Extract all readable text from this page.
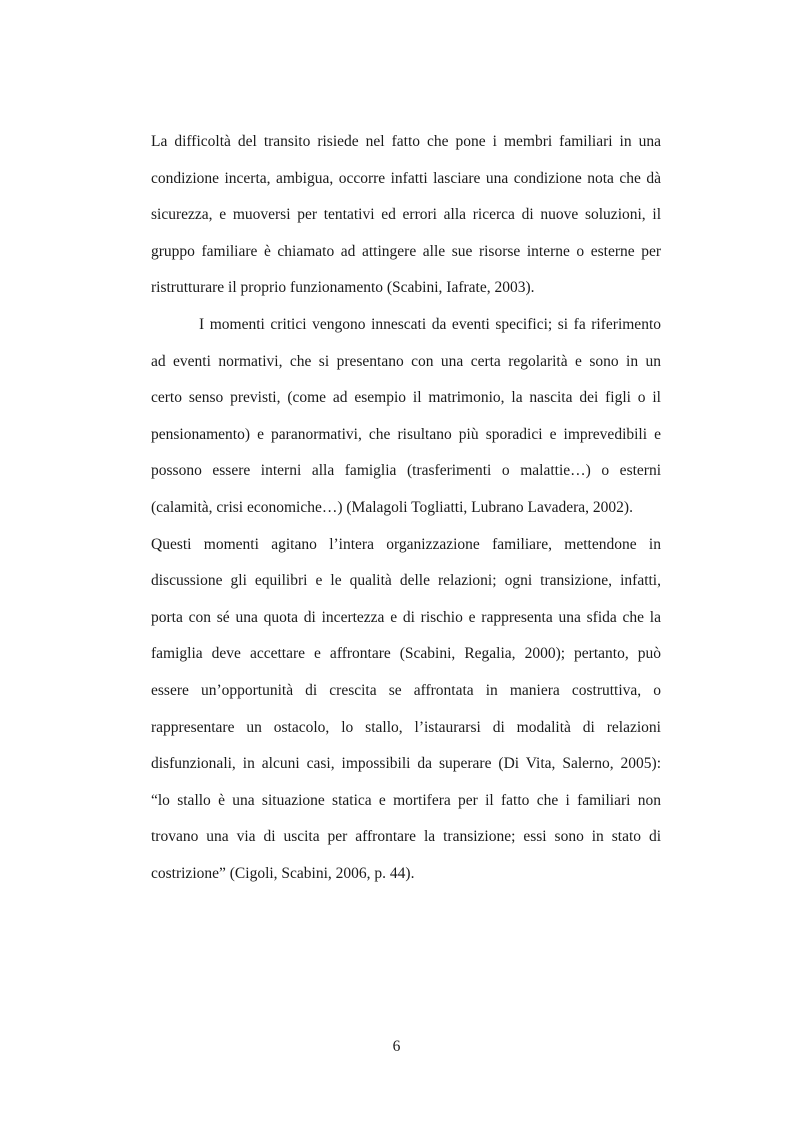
La difficoltà del transito risiede nel fatto che pone i membri familiari in una
condizione incerta, ambigua, occorre infatti lasciare una condizione nota che dà
sicurezza, e muoversi per tentativi ed errori alla ricerca di nuove soluzioni, il
gruppo familiare è chiamato ad attingere alle sue risorse interne o esterne per
ristrutturare il proprio funzionamento (Scabini, Iafrate, 2003).
I momenti critici vengono innescati da eventi specifici; si fa riferimento
ad eventi normativi, che si presentano con una certa regolarità e sono in un
certo senso previsti, (come ad esempio il matrimonio, la nascita dei figli o il
pensionamento) e paranormativi, che risultano più sporadici e imprevedibili e
possono essere interni alla famiglia (trasferimenti o malattie…) o esterni
(calamità, crisi economiche…) (Malagoli Togliatti, Lubrano Lavadera, 2002).
Questi momenti agitano l’intera organizzazione familiare, mettendone in
discussione gli equilibri e le qualità delle relazioni; ogni transizione, infatti,
porta con sé una quota di incertezza e di rischio e rappresenta una sfida che la
famiglia deve accettare e affrontare (Scabini, Regalia, 2000); pertanto, può
essere un’opportunità di crescita se affrontata in maniera costruttiva, o
rappresentare un ostacolo, lo stallo, l’istaurarsi di modalità di relazioni
disfunzionali, in alcuni casi, impossibili da superare (Di Vita, Salerno, 2005):
“lo stallo è una situazione statica e mortifera per il fatto che i familiari non
trovano una via di uscita per affrontare la transizione; essi sono in stato di
costrizione” (Cigoli, Scabini, 2006, p. 44).
6
